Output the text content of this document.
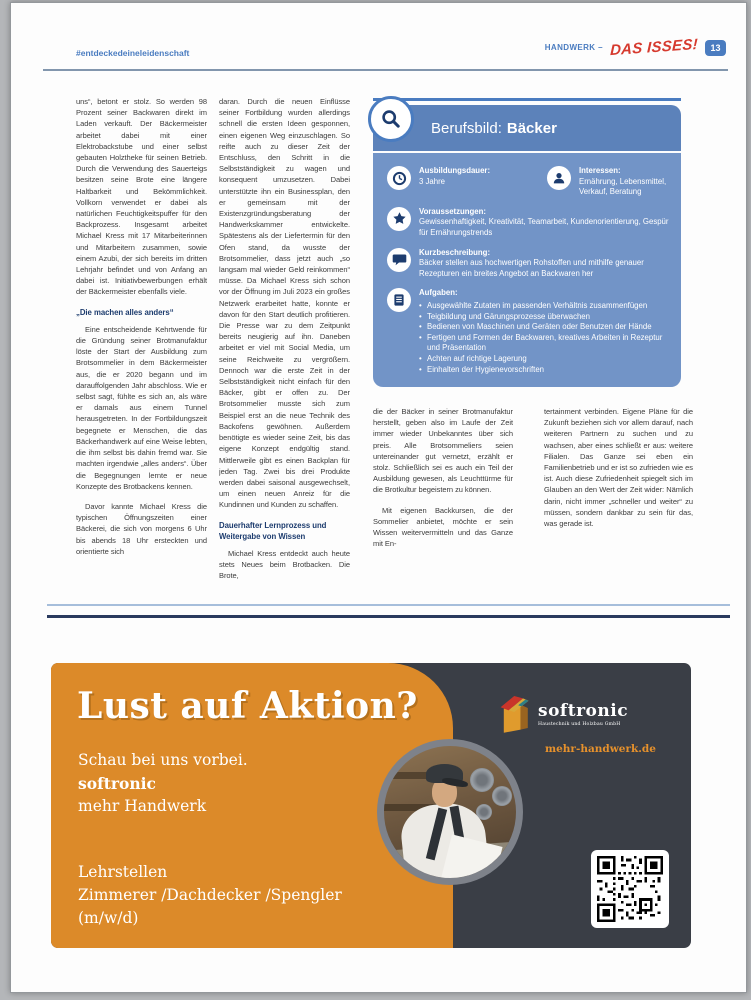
#entdeckedeineleidenschaft
HANDWERK – DAS ISSES!	13

uns“, betont er stolz. So werden 98 Prozent seiner Backwaren direkt im Laden verkauft. Der Bäckermeister arbeitet dabei mit einer Elektrobackstube und einer selbst gebauten Holztheke für seinen Betrieb. Durch die Verwendung des Sauerteigs besitzen seine Brote eine längere Haltbarkeit und Bekömmlichkeit. Vollkorn verwendet er dabei als natürlichen Feuchtigkeitspuffer für den Backprozess. Insgesamt arbeitet Michael Kress mit 17 Mitarbeiterinnen und Mitarbeitern zusammen, sowie einem Azubi, der sich bereits im dritten Lehrjahr befindet und von Anfang an dabei ist. Initiativbewerbungen erhält der Bäckermeister ebenfalls viele.

„Die machen alles anders“

Eine entscheidende Kehrtwende für die Gründung seiner Brotmanufaktur löste der Start der Ausbildung zum Brotsommelier in dem Bäckermeister aus, die er 2020 begann und im darauffolgenden Jahr abschloss. Wie er selbst sagt, fühlte es sich an, als wäre er damals aus einem Tunnel herausgetreten. In der Fortbildungszeit begegnete er Menschen, die das Bäckerhandwerk auf eine Weise lebten, die ihm selbst bis dahin fremd war. Sie machten irgendwie „alles anders“. Über die Begegnungen lernte er neue Konzepte des Brotbackens kennen.

Davor kannte Michael Kress die typischen Öffnungszeiten einer Bäckerei, die sich von morgens 6 Uhr bis abends 18 Uhr ersteckten und orientierte sich

daran. Durch die neuen Einflüsse seiner Fortbildung wurden allerdings schnell die ersten Ideen gesponnen, einen eigenen Weg einzuschlagen. So reifte auch zu dieser Zeit der Entschluss, den Schritt in die Selbstständigkeit zu wagen und konsequent umzusetzen. Dabei unterstützte ihn ein Businessplan, den er gemeinsam mit der Existenzgründungsberatung der Handwerkskammer entwickelte. Spätestens als der Liefertermin für den Ofen stand, da wusste der Brotsommelier, dass jetzt auch „so langsam mal wieder Geld reinkommen“ müsse. Da Michael Kress sich schon vor der Öffnung im Juli 2023 ein großes Netzwerk erarbeitet hatte, konnte er davon für den Start deutlich profitieren. Die Presse war zu dem Zeitpunkt bereits neugierig auf ihn. Daneben arbeitet er viel mit Social Media, um seine Reichweite zu vergrößern. Dennoch war die erste Zeit in der Selbstständigkeit nicht einfach für den Bäcker, gibt er offen zu. Der Brotsommelier musste sich zum Beispiel erst an die neue Technik des Backofens gewöhnen. Außerdem benötigte es wieder seine Zeit, bis das eigene Konzept endgültig stand. Mittlerweile gibt es einen Backplan für jeden Tag. Zwei bis drei Produkte werden dabei saisonal ausgewechselt, um einen neuen Anreiz für die Kundinnen und Kunden zu schaffen.

Dauerhafter Lernprozess und Weitergabe von Wissen

Michael Kress entdeckt auch heute stets Neues beim Brotbacken. Die Brote,

Berufsbild: Bäcker
Ausbildungsdauer:
3 Jahre
Interessen:
Ernährung, Lebensmittel, Verkauf, Beratung
Voraussetzungen:
Gewissenhaftigkeit, Kreativität, Teamarbeit, Kundenorientierung, Gespür für Ernährungstrends
Kurzbeschreibung:
Bäcker stellen aus hochwertigen Rohstoffen und mithilfe genauer Rezepturen ein breites Angebot an Backwaren her
Aufgaben:
• Ausgewählte Zutaten im passenden Verhältnis zusammenfügen
• Teigbildung und Gärungsprozesse überwachen
• Bedienen von Maschinen und Geräten oder Benutzen der Hände
• Fertigen und Formen der Backwaren, kreatives Arbeiten in Rezeptur und Präsentation
• Achten auf richtige Lagerung
• Einhalten der Hygienevorschriften

die der Bäcker in seiner Brotmanufaktur herstellt, geben also im Laufe der Zeit immer wieder Unbekanntes über sich preis. Alle Brotsommeliers seien untereinander gut vernetzt, erzählt er stolz. Schließlich sei es auch ein Teil der Ausbildung gewesen, als Leuchttürme für die Brotkultur begeistern zu können.

Mit eigenen Backkursen, die der Sommelier anbietet, möchte er sein Wissen weitervermitteln und das Ganze mit En-

tertainment verbinden. Eigene Pläne für die Zukunft beziehen sich vor allem darauf, nach weiteren Partnern zu suchen und zu wachsen, aber eines schließt er aus: weitere Filialen. Das Ganze sei eben ein Familienbetrieb und er ist so zufrieden wie es ist. Auch diese Zufriedenheit spiegelt sich im Glauben an den Wert der Zeit wider: Nämlich darin, nicht immer „schneller und weiter“ zu müssen, sondern dankbar zu sein für das, was gerade ist.

Lust auf Aktion?
Schau bei uns vorbei.
softronic
mehr Handwerk
Lehrstellen
Zimmerer /Dachdecker /Spengler
(m/w/d)
softronic
Haustechnik und Holzbau GmbH
mehr-handwerk.de
